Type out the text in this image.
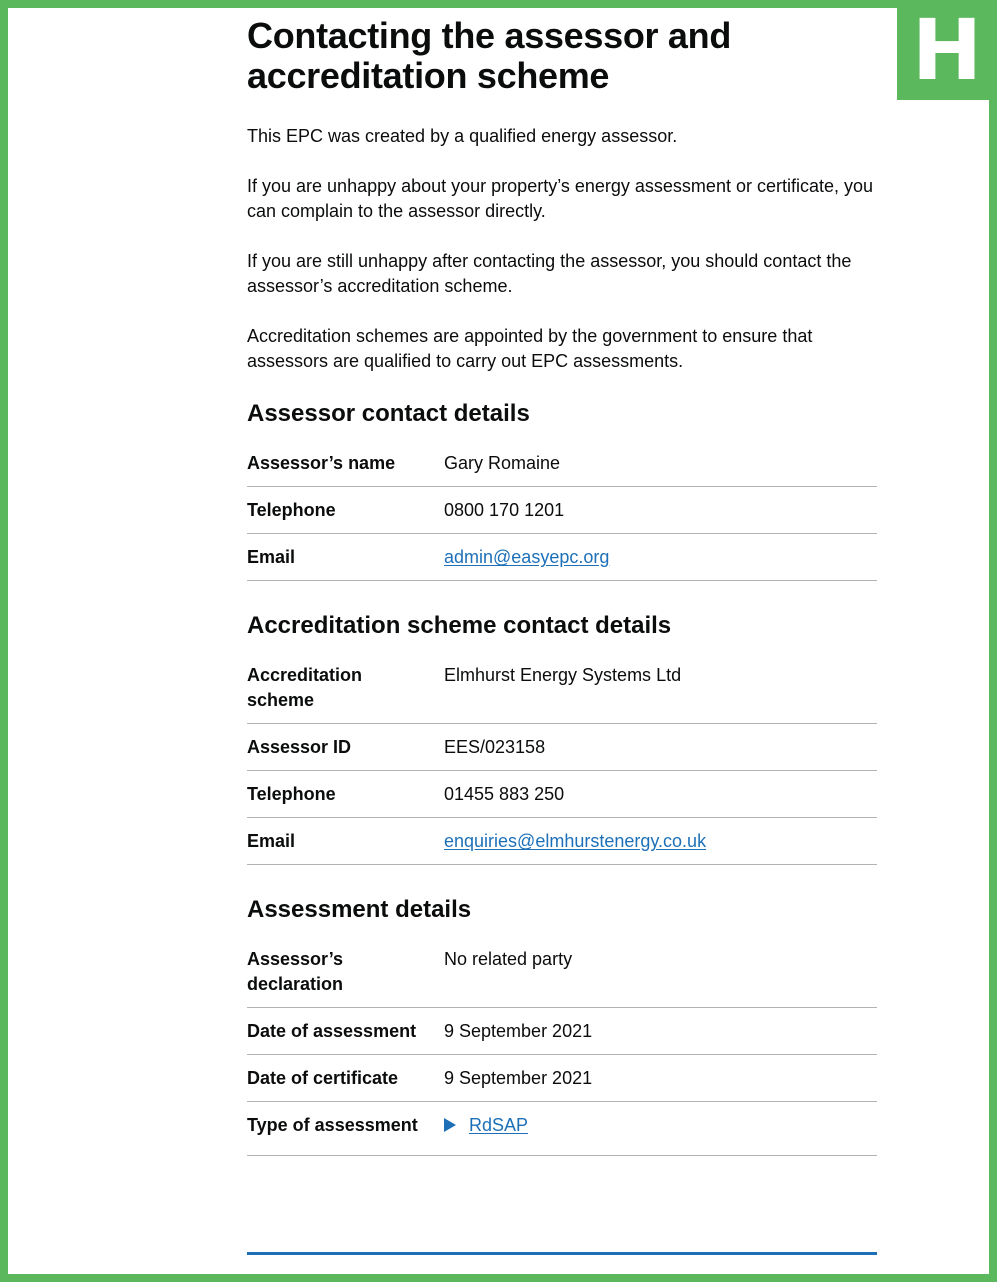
H
Contacting the assessor and accreditation scheme

This EPC was created by a qualified energy assessor.

If you are unhappy about your property’s energy assessment or certificate, you can complain to the assessor directly.

If you are still unhappy after contacting the assessor, you should contact the assessor’s accreditation scheme.

Accreditation schemes are appointed by the government to ensure that assessors are qualified to carry out EPC assessments.

Assessor contact details
Assessor’s name	Gary Romaine
Telephone	0800 170 1201
Email	admin@easyepc.org
Accreditation scheme contact details
Accreditation scheme	Elmhurst Energy Systems Ltd
Assessor ID	EES/023158
Telephone	01455 883 250
Email	enquiries@elmhurstenergy.co.uk
Assessment details
Assessor’s declaration	No related party
Date of assessment	9 September 2021
Date of certificate	9 September 2021
Type of assessment	RdSAP
